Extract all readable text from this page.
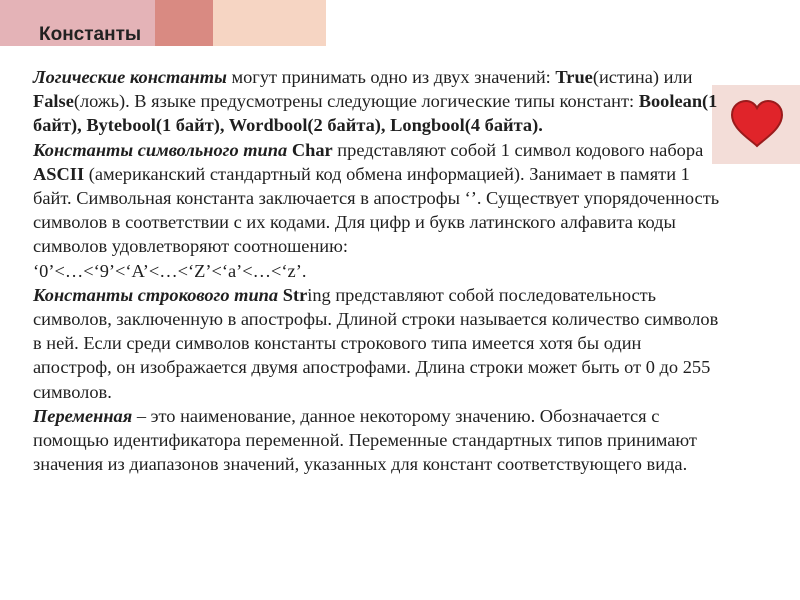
Константы

Логические константы могут принимать одно из двух значений: True(истина) или False(ложь). В языке предусмотрены следующие логические типы констант: Boolean(1 байт), Bytebool(1 байт), Wordbool(2 байта), Longbool(4 байта).

Константы символьного типа Char представляют собой 1 символ кодового набора ASCII (американский стандартный код обмена информацией). Занимает в памяти 1 байт. Символьная константа заключается в апострофы ‘’. Существует упорядоченность символов в соответствии с их кодами. Для цифр и букв латинского алфавита коды символов удовлетворяют соотношению:
‘0’<…<‘9’<‘A’<…<‘Z’<‘a’<…<‘z’.

Константы строкового типа String представляют собой последовательность символов, заключенную в апострофы. Длиной строки называется количество символов в ней. Если среди символов константы строкового типа имеется хотя бы один апостроф, он изображается двумя апострофами. Длина строки может быть от 0 до 255 символов.

Переменная – это наименование, данное некоторому значению. Обозначается с помощью идентификатора переменной. Переменные стандартных типов принимают значения из диапазонов значений, указанных для констант соответствующего вида.
